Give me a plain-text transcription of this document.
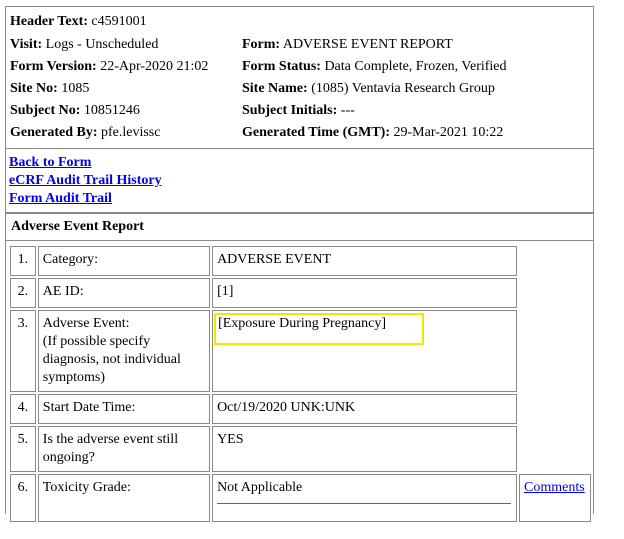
Header Text: c4591001
Visit: Logs - Unscheduled	Form: ADVERSE EVENT REPORT
Form Version: 22-Apr-2020 21:02 Form Status: Data Complete, Frozen, Verified
Site No: 1085	Site Name: (1085) Ventavia Research Group
Subject No: 10851246	Subject Initials: ---
Generated By: pfe.levissc	Generated Time (GMT): 29-Mar-2021 10:22
Back to Form
eCRF Audit Trail History
Form Audit Trail
Adverse Event Report
1.	Category:	ADVERSE EVENT	
2.	AE ID:	[1]	
3.	Adverse Event:
(If possible specify diagnosis, not individual symptoms)	[Exposure During Pregnancy]	
4.	Start Date Time:	Oct/19/2020 UNK:UNK	
5.	Is the adverse event still ongoing?	YES	
6.	Toxicity Grade:	Not Applicable	Comments
